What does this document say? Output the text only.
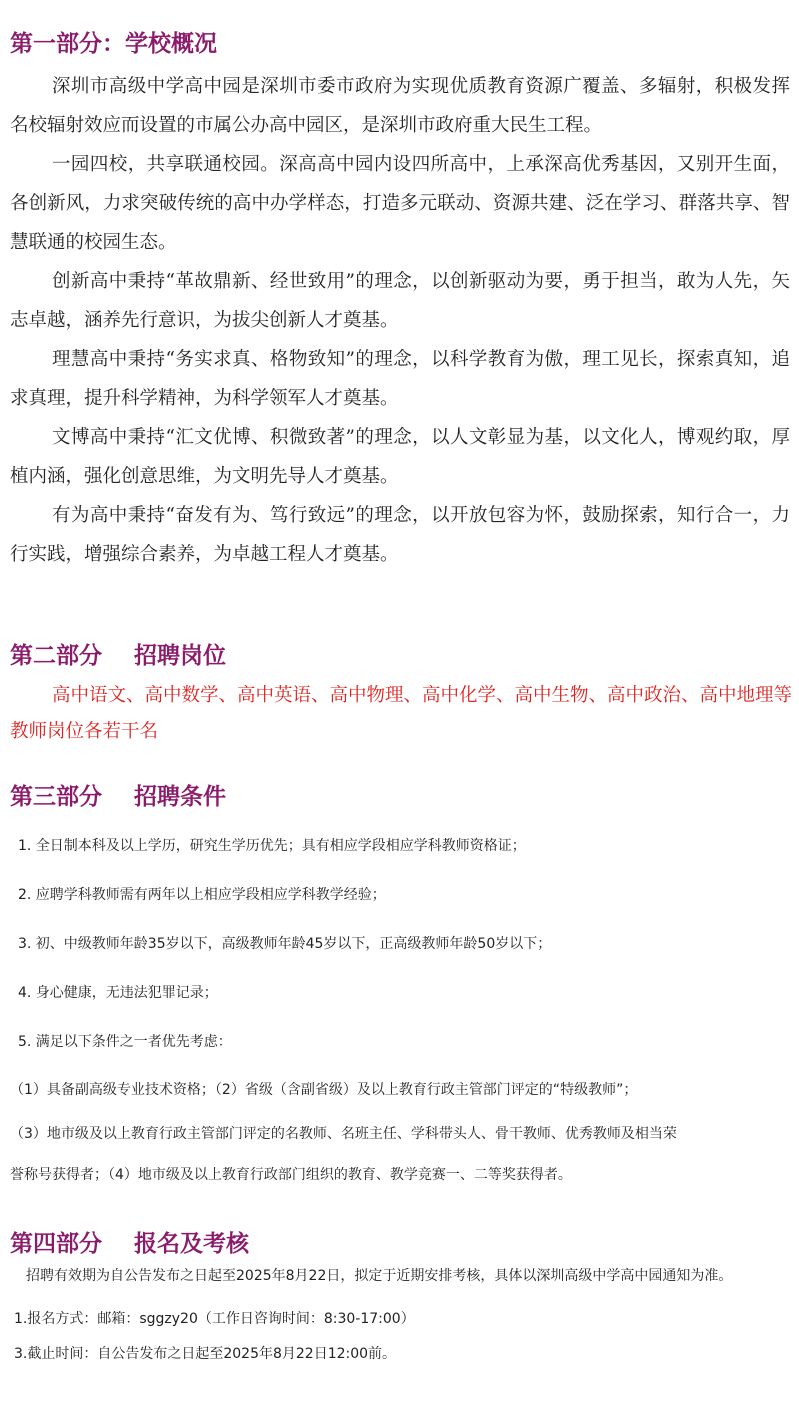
第一部分：学校概况

深圳市高级中学高中园是深圳市委市政府为实现优质教育资源广覆盖、多辐射，积极发挥名校辐射效应而设置的市属公办高中园区，是深圳市政府重大民生工程。

一园四校，共享联通校园。深高高中园内设四所高中，上承深高优秀基因，又别开生面，各创新风，力求突破传统的高中办学样态，打造多元联动、资源共建、泛在学习、群落共享、智慧联通的校园生态。

创新高中秉持“革故鼎新、经世致用”的理念，以创新驱动为要，勇于担当，敢为人先，矢志卓越，涵养先行意识，为拔尖创新人才奠基。

理慧高中秉持“务实求真、格物致知”的理念，以科学教育为傲，理工见长，探索真知，追求真理，提升科学精神，为科学领军人才奠基。

文博高中秉持“汇文优博、积微致著”的理念，以人文彰显为基，以文化人，博观约取，厚植内涵，强化创意思维，为文明先导人才奠基。

有为高中秉持“奋发有为、笃行致远”的理念，以开放包容为怀，鼓励探索，知行合一，力行实践，增强综合素养，为卓越工程人才奠基。

第二部分    招聘岗位

高中语文、高中数学、高中英语、高中物理、高中化学、高中生物、高中政治、高中地理等教师岗位各若干名

第三部分    招聘条件

1. 全日制本科及以上学历，研究生学历优先；具有相应学段相应学科教师资格证；

2. 应聘学科教师需有两年以上相应学段相应学科教学经验；

3. 初、中级教师年龄35岁以下，高级教师年龄45岁以下，正高级教师年龄50岁以下；

4. 身心健康，无违法犯罪记录；

5. 满足以下条件之一者优先考虑：

（1）具备副高级专业技术资格；（2）省级（含副省级）及以上教育行政主管部门评定的“特级教师”；

（3）地市级及以上教育行政主管部门评定的名教师、名班主任、学科带头人、骨干教师、优秀教师及相当荣

誉称号获得者；（4）地市级及以上教育行政部门组织的教育、教学竞赛一、二等奖获得者。

第四部分    报名及考核

招聘有效期为自公告发布之日起至2025年8月22日，拟定于近期安排考核，具体以深圳高级中学高中园通知为准。

1.报名方式：邮箱：sggzy20（工作日咨询时间：8:30-17:00）

3.截止时间：自公告发布之日起至2025年8月22日12:00前。
